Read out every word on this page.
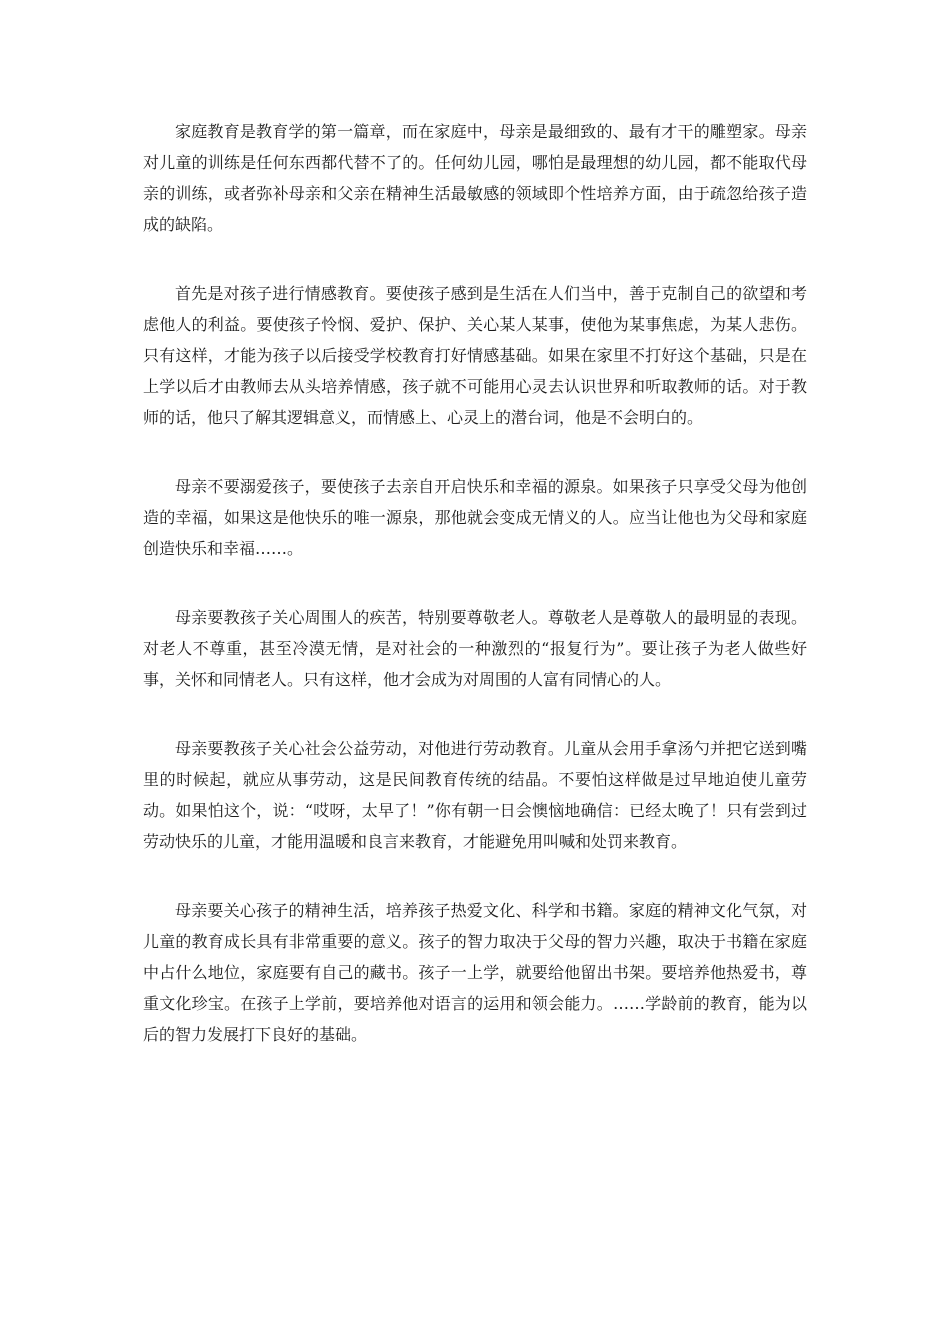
家庭教育是教育学的第一篇章，而在家庭中，母亲是最细致的、最有才干的雕塑家。母亲对儿童的训练是任何东西都代替不了的。任何幼儿园，哪怕是最理想的幼儿园，都不能取代母亲的训练，或者弥补母亲和父亲在精神生活最敏感的领域即个性培养方面，由于疏忽给孩子造成的缺陷。

首先是对孩子进行情感教育。要使孩子感到是生活在人们当中，善于克制自己的欲望和考虑他人的利益。要使孩子怜悯、爱护、保护、关心某人某事，使他为某事焦虑，为某人悲伤。只有这样，才能为孩子以后接受学校教育打好情感基础。如果在家里不打好这个基础，只是在上学以后才由教师去从头培养情感，孩子就不可能用心灵去认识世界和听取教师的话。对于教师的话，他只了解其逻辑意义，而情感上、心灵上的潜台词，他是不会明白的。

母亲不要溺爱孩子，要使孩子去亲自开启快乐和幸福的源泉。如果孩子只享受父母为他创造的幸福，如果这是他快乐的唯一源泉，那他就会变成无情义的人。应当让他也为父母和家庭创造快乐和幸福……。

母亲要教孩子关心周围人的疾苦，特别要尊敬老人。尊敬老人是尊敬人的最明显的表现。对老人不尊重，甚至冷漠无情，是对社会的一种激烈的“报复行为”。要让孩子为老人做些好事，关怀和同情老人。只有这样，他才会成为对周围的人富有同情心的人。

母亲要教孩子关心社会公益劳动，对他进行劳动教育。儿童从会用手拿汤勺并把它送到嘴里的时候起，就应从事劳动，这是民间教育传统的结晶。不要怕这样做是过早地迫使儿童劳动。如果怕这个，说：“哎呀，太早了！”你有朝一日会懊恼地确信：已经太晚了！只有尝到过劳动快乐的儿童，才能用温暖和良言来教育，才能避免用叫喊和处罚来教育。

母亲要关心孩子的精神生活，培养孩子热爱文化、科学和书籍。家庭的精神文化气氛，对儿童的教育成长具有非常重要的意义。孩子的智力取决于父母的智力兴趣，取决于书籍在家庭中占什么地位，家庭要有自己的藏书。孩子一上学，就要给他留出书架。要培养他热爱书，尊重文化珍宝。在孩子上学前，要培养他对语言的运用和领会能力。……学龄前的教育，能为以后的智力发展打下良好的基础。
